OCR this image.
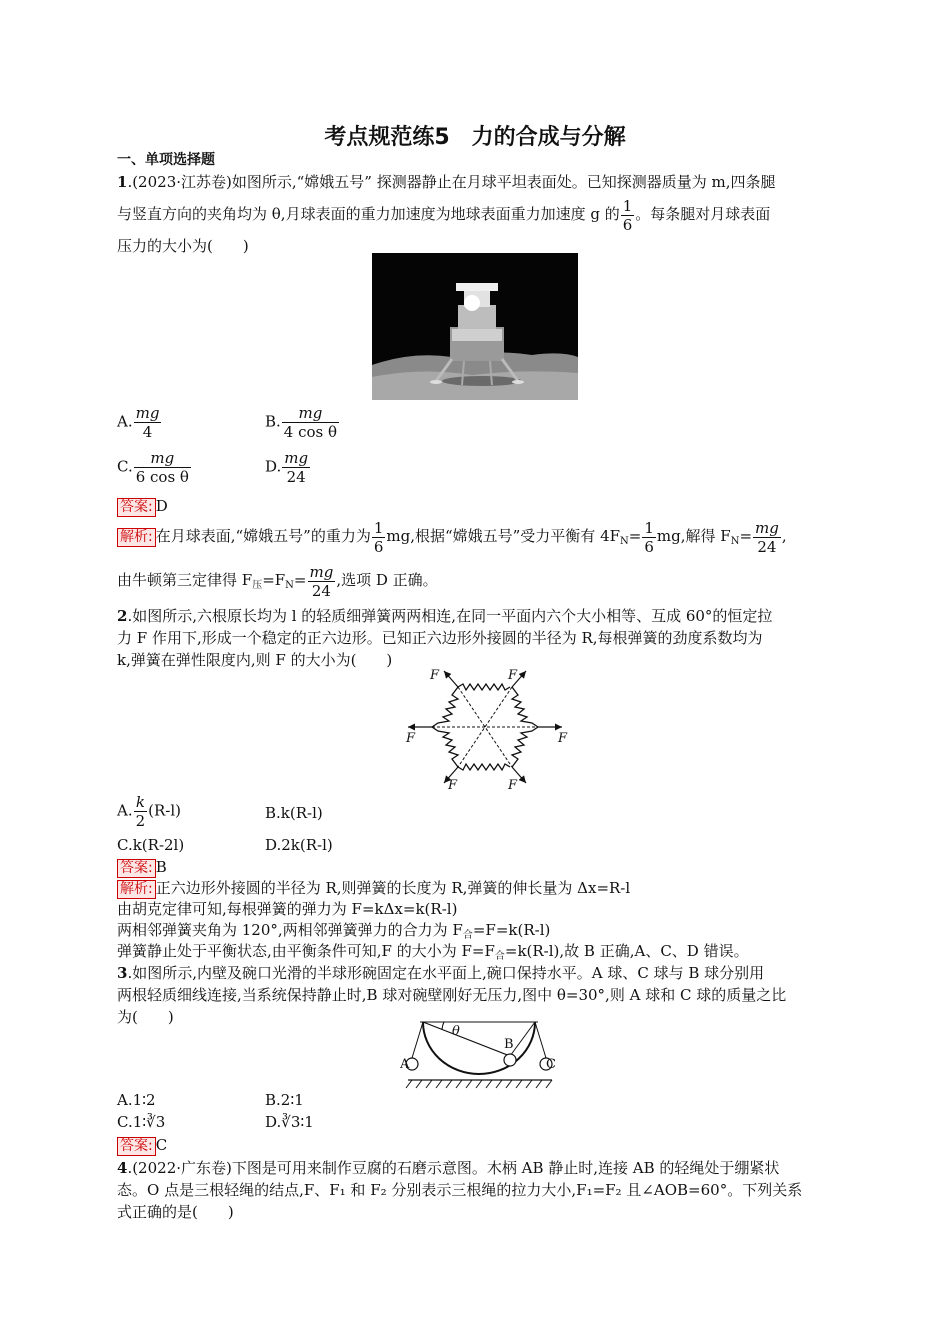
考点规范练5　力的合成与分解
一、单项选择题
1.(2023·江苏卷)如图所示,“嫦娥五号” 探测器静止在月球平坦表面处。已知探测器质量为 m,四条腿
与竖直方向的夹角均为 θ,月球表面的重力加速度为地球表面重力加速度 g 的 $\frac{1}{6}$ 。每条腿对月球表面
压力的大小为(　　)
A. $\frac{mg}{4}$	B. $\frac{mg}{\text{4 cos θ}}$
C. $\frac{mg}{\text{6 cos θ}}$	D. $\frac{mg}{24}$
答案: D
解析: 在月球表面,“嫦娥五号”的重力为 $\frac{1}{6}$ mg,根据“嫦娥五号”受力平衡有 $4F_N= \frac{1}{6}$ mg,解得 $F_N= \frac{mg}{24}$ ,
由牛顿第三定律得 $F_压=F_N= \frac{mg}{24}$ ,选项 D 正确。
2.如图所示,六根原长均为 l 的轻质细弹簧两两相连,在同一平面内六个大小相等、互成 60°的恒定拉
力 F 作用下,形成一个稳定的正六边形。已知正六边形外接圆的半径为 R,每根弹簧的劲度系数均为
k,弹簧在弹性限度内,则 F 的大小为(　　)
F	F
F	F
F	F
A. $\frac{k}{2} (R-l)$	B.k(R-l)
C.k(R-2l)	D.2k(R-l)
答案: B
解析: 正六边形外接圆的半径为 R,则弹簧的长度为 R,弹簧的伸长量为 Δx=R-l
由胡克定律可知,每根弹簧的弹力为 F=kΔx=k(R-l)
两相邻弹簧夹角为 120°,两相邻弹簧弹力的合力为 $F_合=F=k(R-l)$
弹簧静止处于平衡状态,由平衡条件可知,F 的大小为 $F=F_合=k(R-l)$,故 B 正确,A、C、D 错误。
3.如图所示,内壁及碗口光滑的半球形碗固定在水平面上,碗口保持水平。A 球、C 球与 B 球分别用
两根轻质细线连接,当系统保持静止时,B 球对碗壁刚好无压力,图中 θ=30°,则 A 球和 C 球的质量之比
为(　　)
A
B
C
θ
A.1∶2	B.2∶1
C.1∶∛3	D.∛3∶1
答案: C
4.(2022·广东卷)下图是可用来制作豆腐的石磨示意图。木柄 AB 静止时,连接 AB 的轻绳处于绷紧状
态。O 点是三根轻绳的结点,F、F₁ 和 F₂ 分别表示三根绳的拉力大小,F₁=F₂ 且∠AOB=60°。下列关系
式正确的是(　　)
